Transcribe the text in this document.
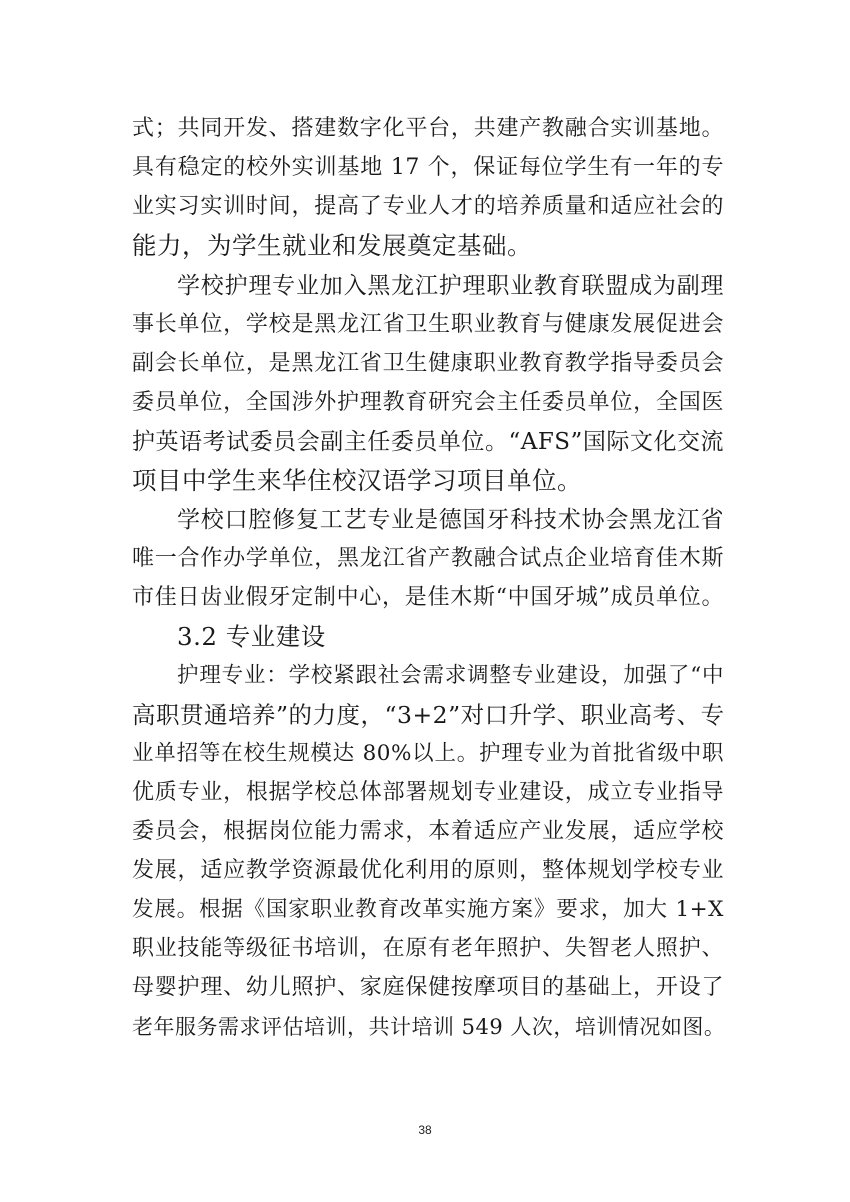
式；共同开发、搭建数字化平台，共建产教融合实训基地。
具有稳定的校外实训基地 17 个，保证每位学生有一年的专
业实习实训时间，提高了专业人才的培养质量和适应社会的
能力，为学生就业和发展奠定基础。
学校护理专业加入黑龙江护理职业教育联盟成为副理
事长单位，学校是黑龙江省卫生职业教育与健康发展促进会
副会长单位，是黑龙江省卫生健康职业教育教学指导委员会
委员单位，全国涉外护理教育研究会主任委员单位，全国医
护英语考试委员会副主任委员单位。“AFS”国际文化交流
项目中学生来华住校汉语学习项目单位。
学校口腔修复工艺专业是德国牙科技术协会黑龙江省
唯一合作办学单位，黑龙江省产教融合试点企业培育佳木斯
市佳日齿业假牙定制中心，是佳木斯“中国牙城”成员单位。
3.2 专业建设
护理专业：学校紧跟社会需求调整专业建设，加强了“中
高职贯通培养”的力度，“3+2”对口升学、职业高考、专
业单招等在校生规模达 80%以上。护理专业为首批省级中职
优质专业，根据学校总体部署规划专业建设，成立专业指导
委员会，根据岗位能力需求，本着适应产业发展，适应学校
发展，适应教学资源最优化利用的原则，整体规划学校专业
发展。根据《国家职业教育改革实施方案》要求，加大 1+X
职业技能等级征书培训，在原有老年照护、失智老人照护、
母婴护理、幼儿照护、家庭保健按摩项目的基础上，开设了
老年服务需求评估培训，共计培训 549 人次，培训情况如图。
38
